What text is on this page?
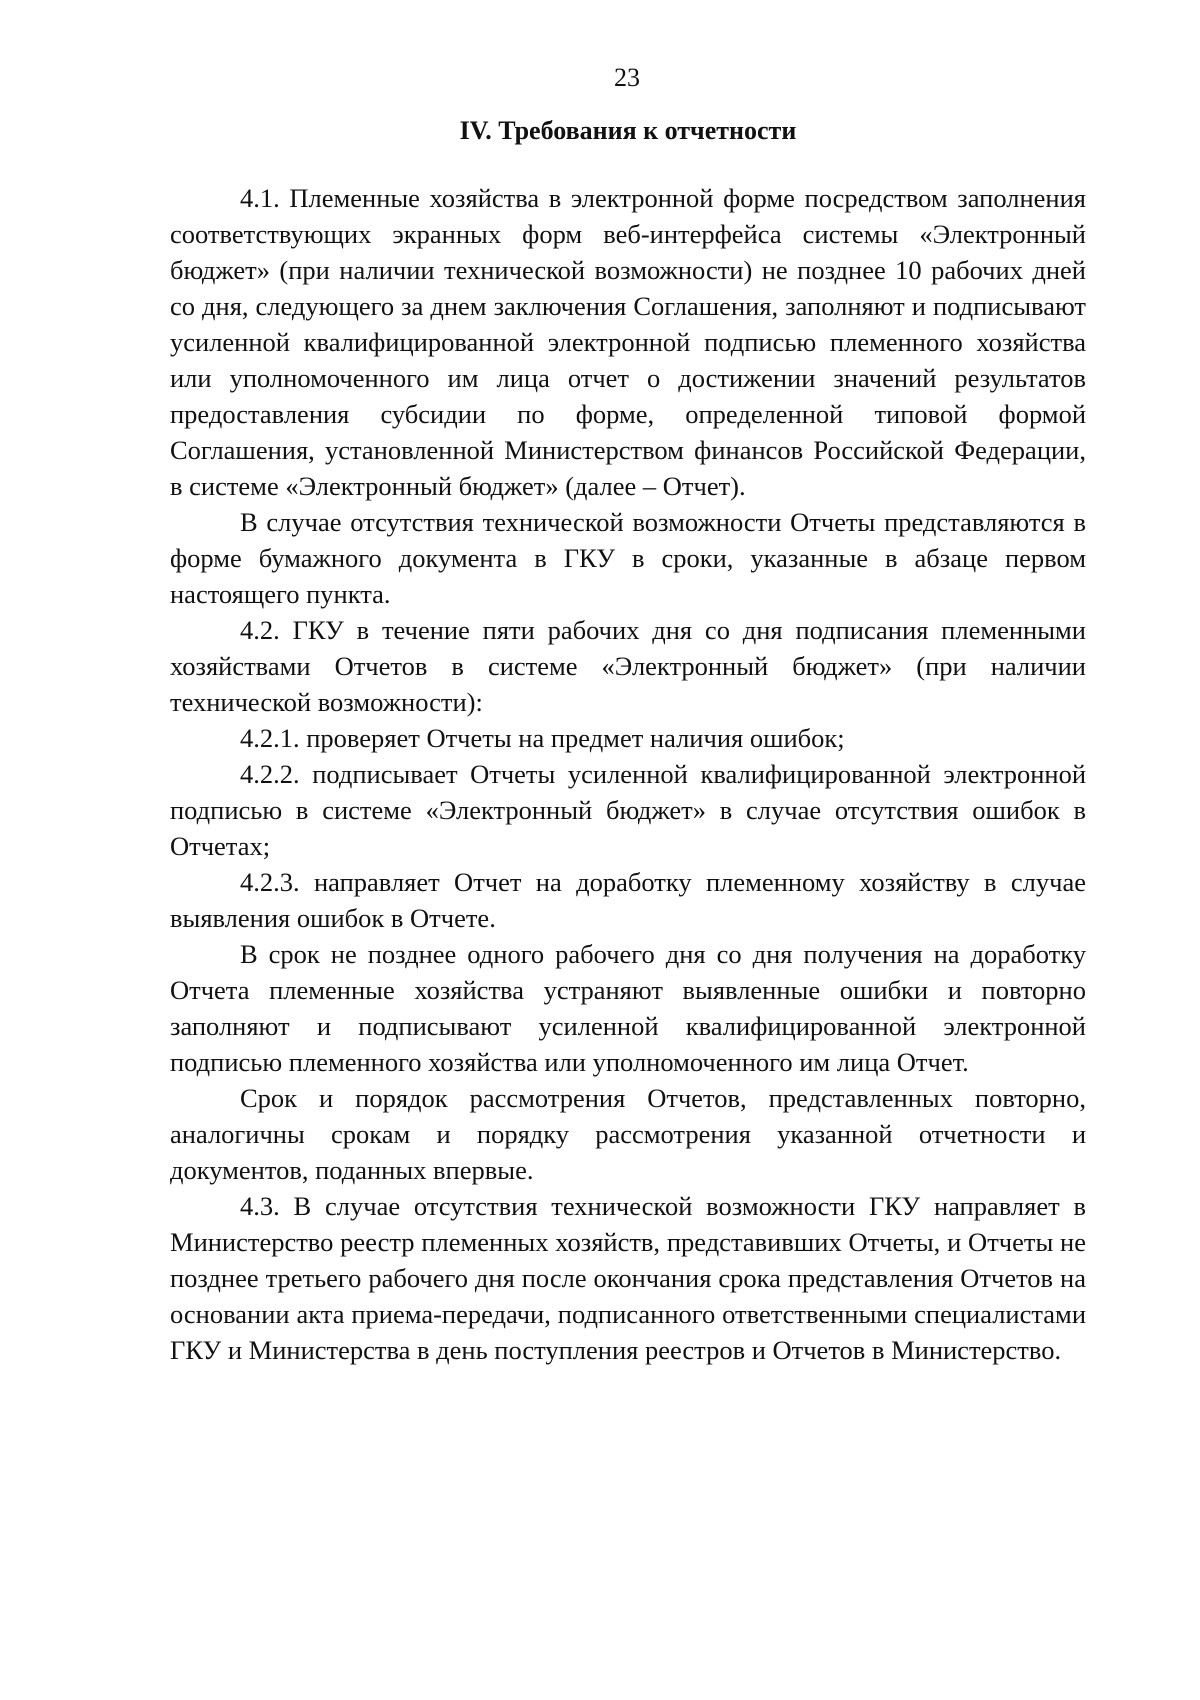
23
IV. Требования к отчетности

4.1. Племенные хозяйства в электронной форме посредством заполнения соответствующих экранных форм веб-интерфейса системы «Электронный бюджет» (при наличии технической возможности) не позднее 10 рабочих дней со дня, следующего за днем заключения Соглашения, заполняют и подписывают усиленной квалифицированной электронной подписью племенного хозяйства или уполномоченного им лица отчет о достижении значений результатов предоставления субсидии по форме, определенной типовой формой Соглашения, установленной Министерством финансов Российской Федерации, в системе «Электронный бюджет» (далее – Отчет).

В случае отсутствия технической возможности Отчеты представляются в форме бумажного документа в ГКУ в сроки, указанные в абзаце первом настоящего пункта.

4.2. ГКУ в течение пяти рабочих дня со дня подписания племенными хозяйствами Отчетов в системе «Электронный бюджет» (при наличии технической возможности):

4.2.1. проверяет Отчеты на предмет наличия ошибок;

4.2.2. подписывает Отчеты усиленной квалифицированной электронной подписью в системе «Электронный бюджет» в случае отсутствия ошибок в Отчетах;

4.2.3. направляет Отчет на доработку племенному хозяйству в случае выявления ошибок в Отчете.

В срок не позднее одного рабочего дня со дня получения на доработку Отчета племенные хозяйства устраняют выявленные ошибки и повторно заполняют и подписывают усиленной квалифицированной электронной подписью племенного хозяйства или уполномоченного им лица Отчет.

Срок и порядок рассмотрения Отчетов, представленных повторно, аналогичны срокам и порядку рассмотрения указанной отчетности и документов, поданных впервые.

4.3. В случае отсутствия технической возможности ГКУ направляет в Министерство реестр племенных хозяйств, представивших Отчеты, и Отчеты не позднее третьего рабочего дня после окончания срока представления Отчетов на основании акта приема-передачи, подписанного ответственными специалистами ГКУ и Министерства в день поступления реестров и Отчетов в Министерство.
